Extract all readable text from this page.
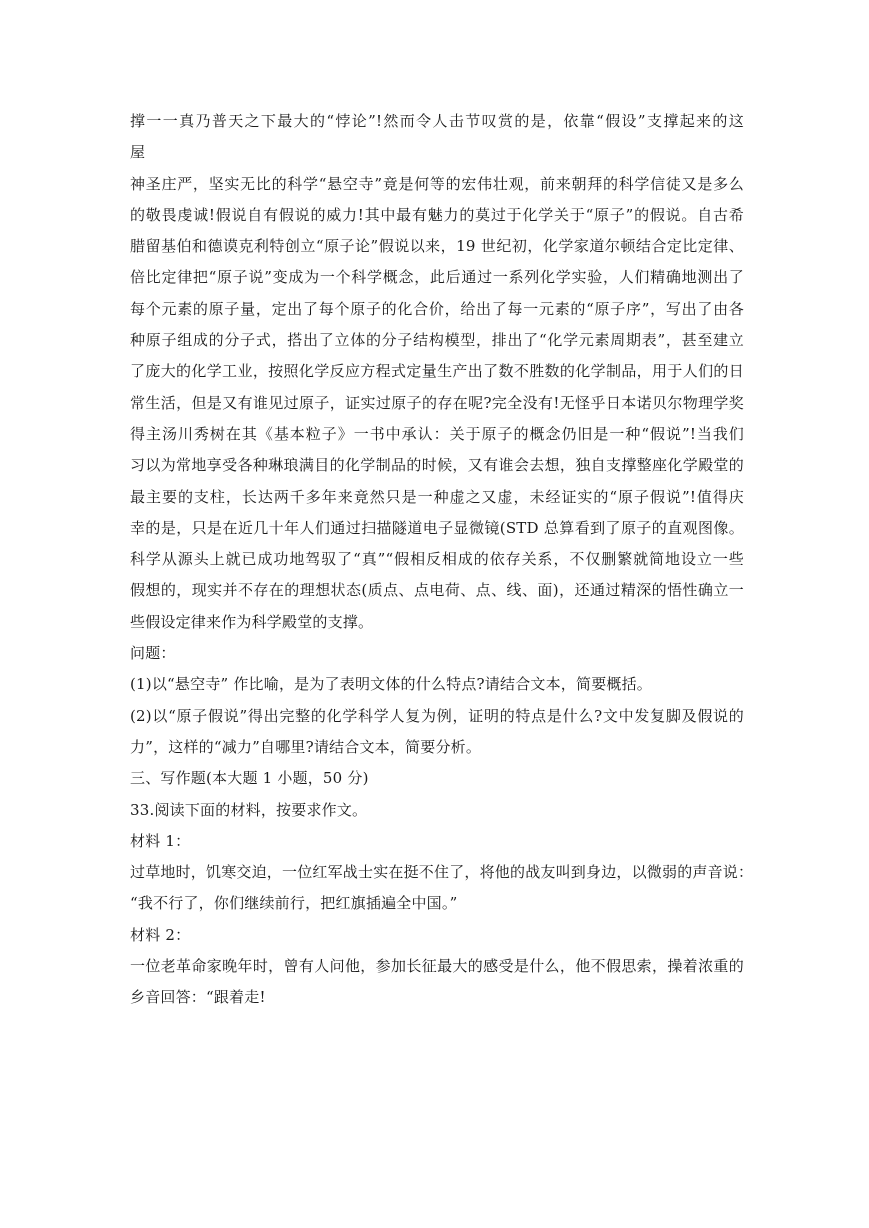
撑一一真乃普天之下最大的“悖论”!然而令人击节叹赏的是，依靠“假设”支撑起来的这
屋
神圣庄严，坚实无比的科学“悬空寺”竟是何等的宏伟壮观，前来朝拜的科学信徒又是多么
的敬畏虔诚!假说自有假说的威力!其中最有魅力的莫过于化学关于“原子”的假说。自古希
腊留基伯和德谟克利特创立“原子论”假说以来，19 世纪初，化学家道尔顿结合定比定律、
倍比定律把“原子说”变成为一个科学概念，此后通过一系列化学实验，人们精确地测出了
每个元素的原子量，定出了每个原子的化合价，给出了每一元素的“原子序”，写出了由各
种原子组成的分子式，搭出了立体的分子结构模型，排出了“化学元素周期表”，甚至建立
了庞大的化学工业，按照化学反应方程式定量生产出了数不胜数的化学制品，用于人们的日
常生活，但是又有谁见过原子，证实过原子的存在呢?完全没有!无怪乎日本诺贝尔物理学奖
得主汤川秀树在其《基本粒子》一书中承认：关于原子的概念仍旧是一种“假说”!当我们
习以为常地享受各种琳琅满目的化学制品的时候，又有谁会去想，独自支撑整座化学殿堂的
最主要的支柱，长达两千多年来竟然只是一种虚之又虚，未经证实的“原子假说”!值得庆
幸的是，只是在近几十年人们通过扫描隧道电子显微镜(STD 总算看到了原子的直观图像。
科学从源头上就已成功地驾驭了“真”“假相反相成的依存关系，不仅删繁就简地设立一些
假想的，现实并不存在的理想状态(质点、点电荷、点、线、面)，还通过精深的悟性确立一
些假设定律来作为科学殿堂的支撑。
问题：
(1)以“悬空寺” 作比喻，是为了表明文体的什么特点?请结合文本，简要概括。
(2)以“原子假说”得出完整的化学科学人复为例，证明的特点是什么?文中发复脚及假说的
力”，这样的“减力”自哪里?请结合文本，简要分析。
三、写作题(本大题 1 小题，50 分)
33.阅读下面的材料，按要求作文。
材料 1：
过草地时，饥寒交迫，一位红军战士实在挺不住了，将他的战友叫到身边，以微弱的声音说：
“我不行了，你们继续前行，把红旗插遍全中国。”
材料 2：
一位老革命家晚年时，曾有人问他，参加长征最大的感受是什么，他不假思索，操着浓重的
乡音回答：“跟着走!
